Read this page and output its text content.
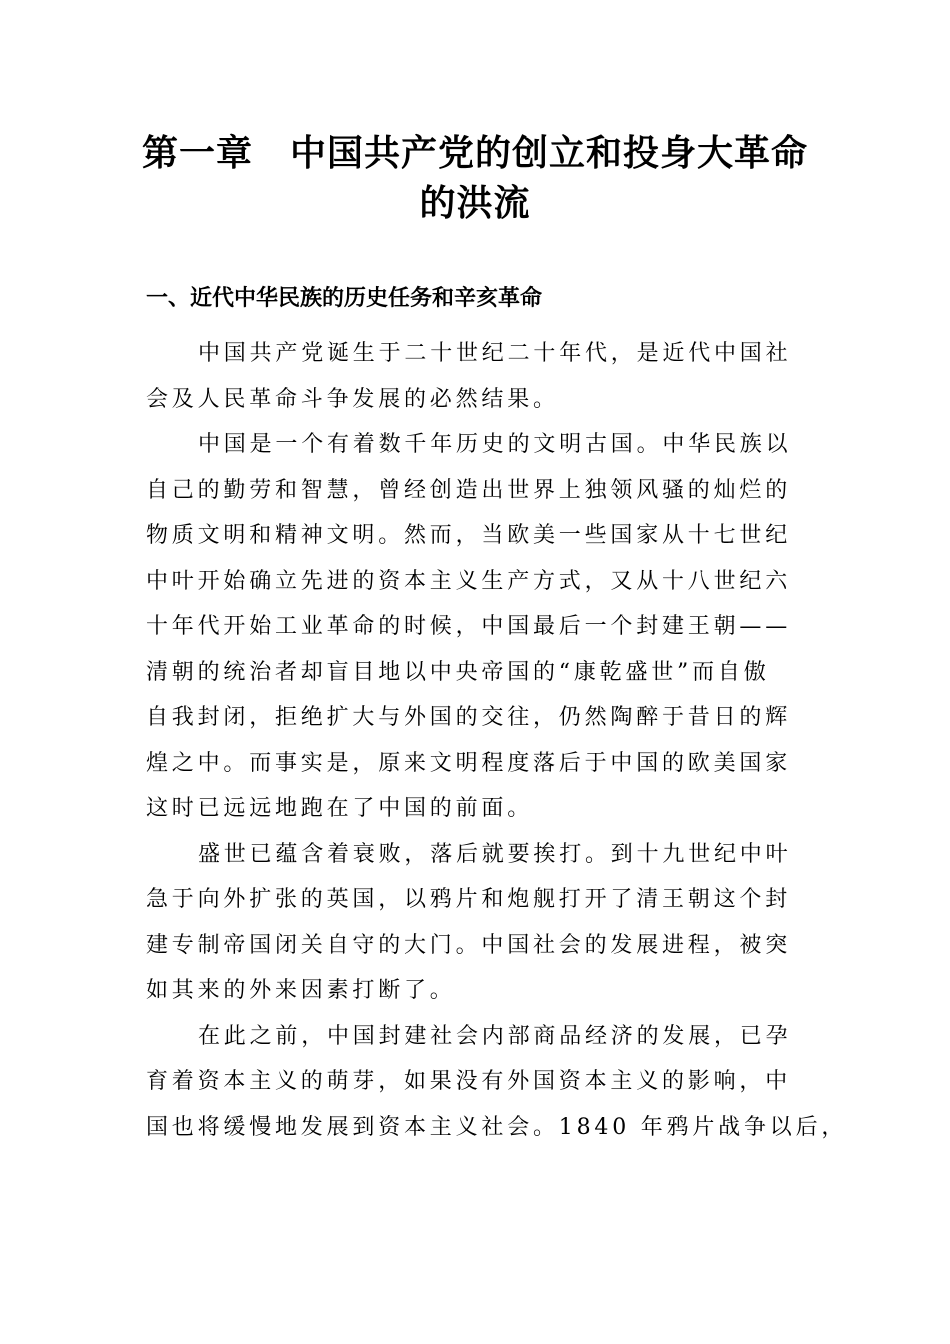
第一章　中国共产党的创立和投身大革命
的洪流
一、近代中华民族的历史任务和辛亥革命
中国共产党诞生于二十世纪二十年代，是近代中国社
会及人民革命斗争发展的必然结果。
中国是一个有着数千年历史的文明古国。中华民族以
自己的勤劳和智慧，曾经创造出世界上独领风骚的灿烂的
物质文明和精神文明。然而，当欧美一些国家从十七世纪
中叶开始确立先进的资本主义生产方式，又从十八世纪六
十年代开始工业革命的时候，中国最后一个封建王朝——
清朝的统治者却盲目地以中央帝国的“康乾盛世”而自傲
自我封闭，拒绝扩大与外国的交往，仍然陶醉于昔日的辉
煌之中。而事实是，原来文明程度落后于中国的欧美国家
这时已远远地跑在了中国的前面。
盛世已蕴含着衰败，落后就要挨打。到十九世纪中叶
急于向外扩张的英国，以鸦片和炮舰打开了清王朝这个封
建专制帝国闭关自守的大门。中国社会的发展进程，被突
如其来的外来因素打断了。
在此之前，中国封建社会内部商品经济的发展，已孕
育着资本主义的萌芽，如果没有外国资本主义的影响，中
国也将缓慢地发展到资本主义社会。1840 年鸦片战争以后，
